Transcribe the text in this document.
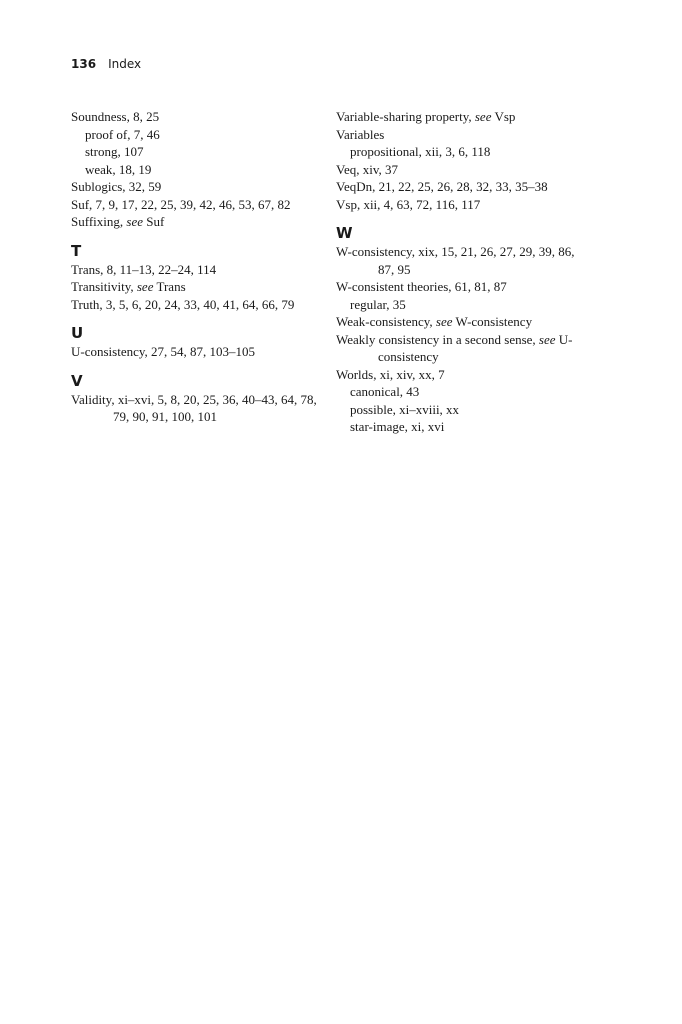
136 Index
Soundness, 8, 25
proof of, 7, 46
strong, 107
weak, 18, 19
Sublogics, 32, 59
Suf, 7, 9, 17, 22, 25, 39, 42, 46, 53, 67, 82
Suffixing, see Suf
T
Trans, 8, 11–13, 22–24, 114
Transitivity, see Trans
Truth, 3, 5, 6, 20, 24, 33, 40, 41, 64, 66, 79
U
U-consistency, 27, 54, 87, 103–105
V
Validity, xi–xvi, 5, 8, 20, 25, 36, 40–43, 64, 78, 79, 90, 91, 100, 101
Variable-sharing property, see Vsp
Variables
propositional, xii, 3, 6, 118
Veq, xiv, 37
VeqDn, 21, 22, 25, 26, 28, 32, 33, 35–38
Vsp, xii, 4, 63, 72, 116, 117
W
W-consistency, xix, 15, 21, 26, 27, 29, 39, 86, 87, 95
W-consistent theories, 61, 81, 87
regular, 35
Weak-consistency, see W-consistency
Weakly consistency in a second sense, see U-consistency
Worlds, xi, xiv, xx, 7
canonical, 43
possible, xi–xviii, xx
star-image, xi, xvi
